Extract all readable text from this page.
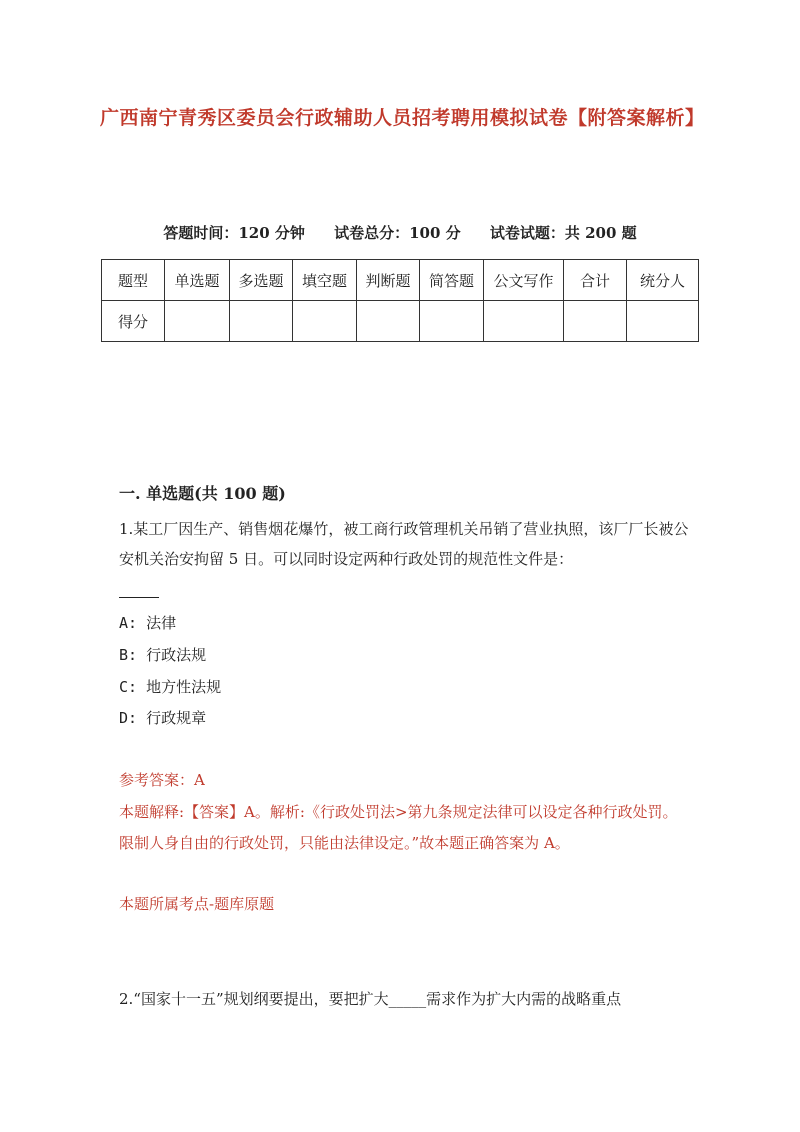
广西南宁青秀区委员会行政辅助人员招考聘用模拟试卷【附答案解析】
答题时间：120 分钟 试卷总分：100 分 试卷试题：共 200 题
题型	单选题	多选题	填空题	判断题	简答题	公文写作	合计	统分人
得分								
一. 单选题(共 100 题)
1.某工厂因生产、销售烟花爆竹，被工商行政管理机关吊销了营业执照，该厂厂长被公安机关治安拘留 5 日。可以同时设定两种行政处罚的规范性文件是：
A: 法律
B: 行政法规
C: 地方性法规
D: 行政规章
参考答案：A
本题解释:【答案】A。解析:《行政处罚法>第九条规定法律可以设定各种行政处罚。限制人身自由的行政处罚，只能由法律设定。”故本题正确答案为 A。
本题所属考点-题库原题
2.“国家十一五”规划纲要提出，要把扩大_____需求作为扩大内需的战略重点
